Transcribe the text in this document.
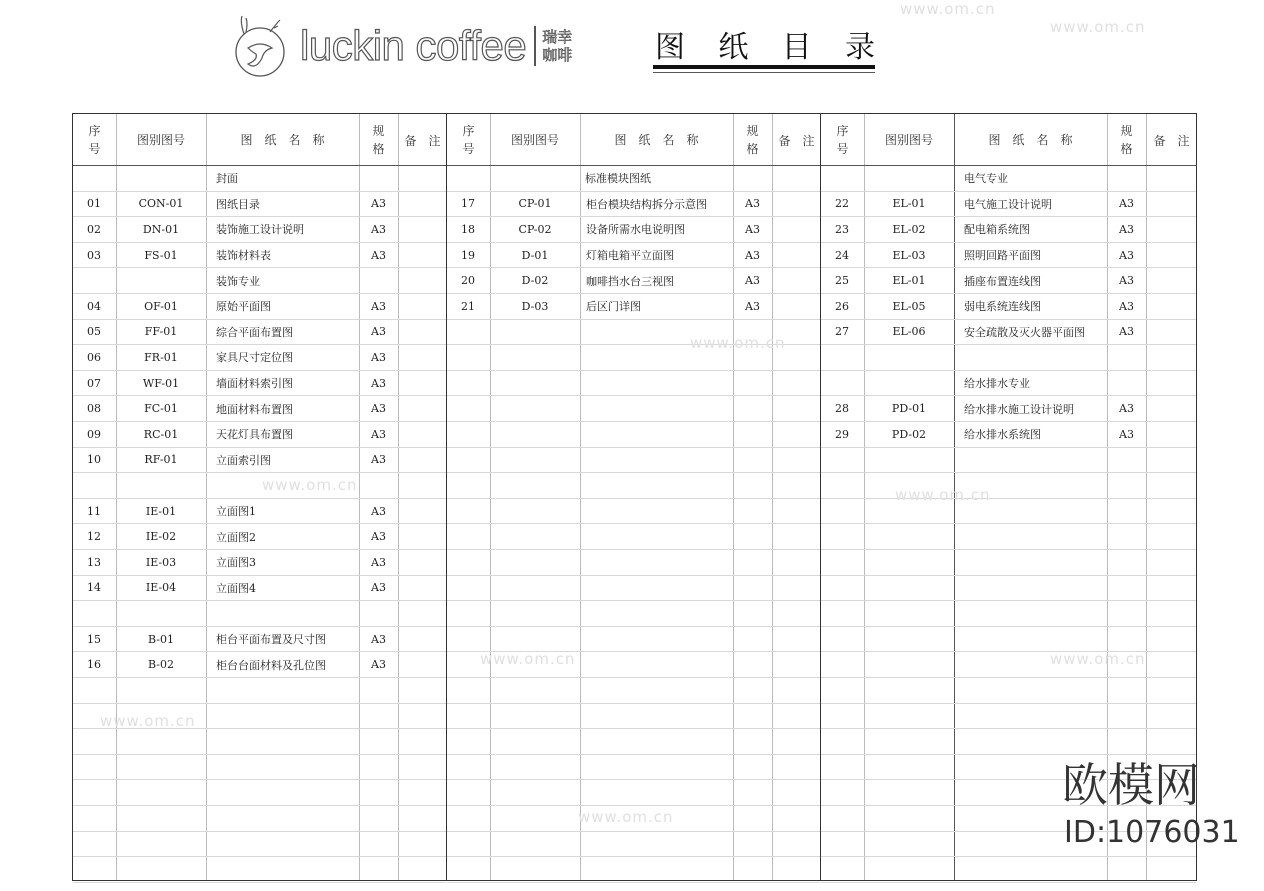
luckin coffee 瑞幸咖啡	图 纸 目 录
序号
图别图号	图　纸　名　称
规格
备　注
封面
01	CON-01	图纸目录	A3
02	DN-01	装饰施工设计说明	A3
03	FS-01	装饰材料表	A3
装饰专业
04	OF-01	原始平面图	A3
05	FF-01	综合平面布置图	A3
06	FR-01	家具尺寸定位图	A3
07	WF-01	墙面材料索引图	A3
08	FC-01	地面材料布置图	A3
09	RC-01	天花灯具布置图	A3
10	RF-01	立面索引图	A3
11	IE-01	立面图1	A3
12	IE-02	立面图2	A3
13	IE-03	立面图3	A3
14	IE-04	立面图4	A3
15	B-01	柜台平面布置及尺寸图	A3
16	B-02	柜台台面材料及孔位图	A3
序号
图别图号	图　纸　名　称
规格
备　注
标准模块图纸
17	CP-01	柜台模块结构拆分示意图	A3
18	CP-02	设备所需水电说明图	A3
19	D-01	灯箱电箱平立面图	A3
20	D-02	咖啡挡水台三视图	A3
21	D-03	后区门详图	A3
序号
图别图号	图　纸　名　称
规格
备　注
电气专业
22	EL-01	电气施工设计说明	A3
23	EL-02	配电箱系统图	A3
24	EL-03	照明回路平面图	A3
25	EL-01	插座布置连线图	A3
26	EL-05	弱电系统连线图	A3
27	EL-06	安全疏散及灭火器平面图	A3
给水排水专业
28	PD-01	给水排水施工设计说明	A3
29	PD-02	给水排水系统图	A3
www.om.cn
www.om.cn
www.om.cn
www.om.cn
www.om.cn
www.om.cn
www.om.cn	www.om.cn
www.om.cn
欧模网
ID:1076031
